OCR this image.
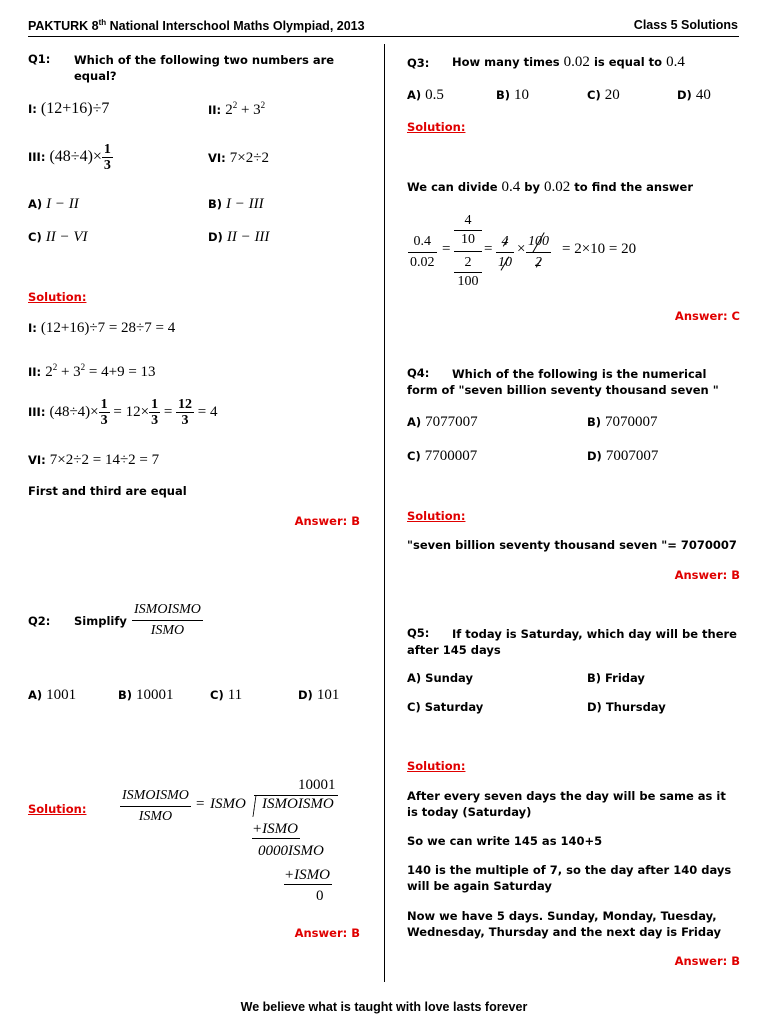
PAKTURK 8th National Interschool Maths Olympiad, 2013	Class 5 Solutions
Q1: Which of the following two numbers are equal?
I: (12+16)÷7	II: $2^2 + 3^2$
III: $(48\div 4)\times \frac{1}{3}$	VI: 7×2÷2
A) I − II	B) I − III
C) II − VI	D) II − III
Solution:
I: (12+16)÷7 = 28÷7 = 4
II: $2^2 + 3^2 = 4+9 = 13$
III: $(48\div 4)\times \frac{1}{3} = 12\times \frac{1}{3} = \frac{12}{3} = 4$
VI: 7×2÷2 = 14÷2 = 7
First and third are equal
Answer: B
Q2: Simplify $\frac{\text{ISMOISMO}}{\text{ISMO}}$
A) 1001	B) 10001	C) 11	D) 101
Solution: $\frac{\text{ISMOISMO}}{\text{ISMO}}$ = ISMO
10001
ISMOISMO
+ISMO
0000ISMO
+ISMO
0
Answer: B
Q3: How many times 0.02 is equal to 0.4
A) 0.5	B) 10	C) 20	D) 40
Solution:
We can divide 0.4 by 0.02 to find the answer
$\frac{0.4}{0.02}$ =
4
10
2
100
= $\frac{4}{10} \times \frac{100}{2} = 2\times 10 = 20$
Answer: C
Q4:	Which of the following is the numerical form of "seven billion seventy thousand seven "
A) 7077007	B) 7070007
C) 7700007	D) 7007007
Solution:
"seven billion seventy thousand seven "= 7070007
Answer: B
Q5:	If today is Saturday, which day will be there after 145 days
A) Sunday	B) Friday
C) Saturday	D) Thursday
Solution:
After every seven days the day will be same as it is today (Saturday)
So we can write 145 as 140+5
140 is the multiple of 7, so the day after 140 days will be again Saturday
Now we have 5 days. Sunday, Monday, Tuesday, Wednesday, Thursday and the next day is Friday
Answer: B
We believe what is taught with love lasts forever
